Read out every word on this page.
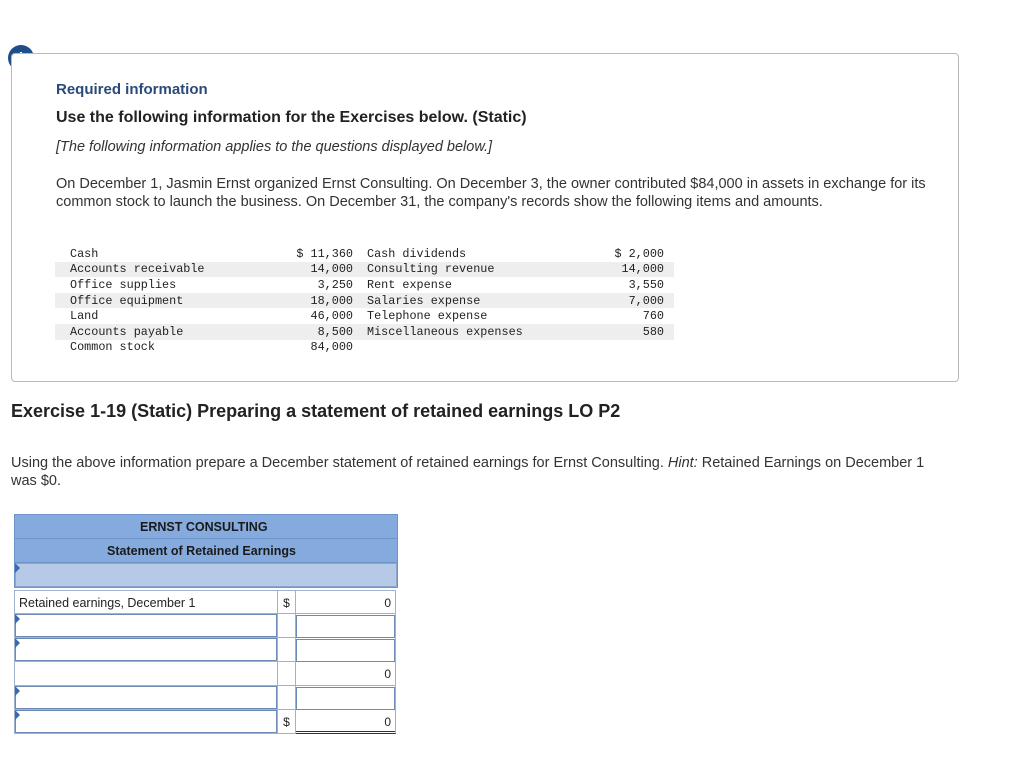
Required information
Use the following information for the Exercises below. (Static)
[The following information applies to the questions displayed below.]
On December 1, Jasmin Ernst organized Ernst Consulting. On December 3, the owner contributed $84,000 in assets in exchange for its common stock to launch the business. On December 31, the company's records show the following items and amounts.
Cash	$ 11,360	Cash dividends	$ 2,000
Accounts receivable	14,000	Consulting revenue	14,000
Office supplies	3,250	Rent expense	3,550
Office equipment	18,000	Salaries expense	7,000
Land	46,000	Telephone expense	760
Accounts payable	8,500	Miscellaneous expenses	580
Common stock	84,000		
Exercise 1-19 (Static) Preparing a statement of retained earnings LO P2
Using the above information prepare a December statement of retained earnings for Ernst Consulting. Hint: Retained Earnings on December 1 was $0.
ERNST CONSULTING
Statement of Retained Earnings
Retained earnings, December 1	$	0
0
$	0
